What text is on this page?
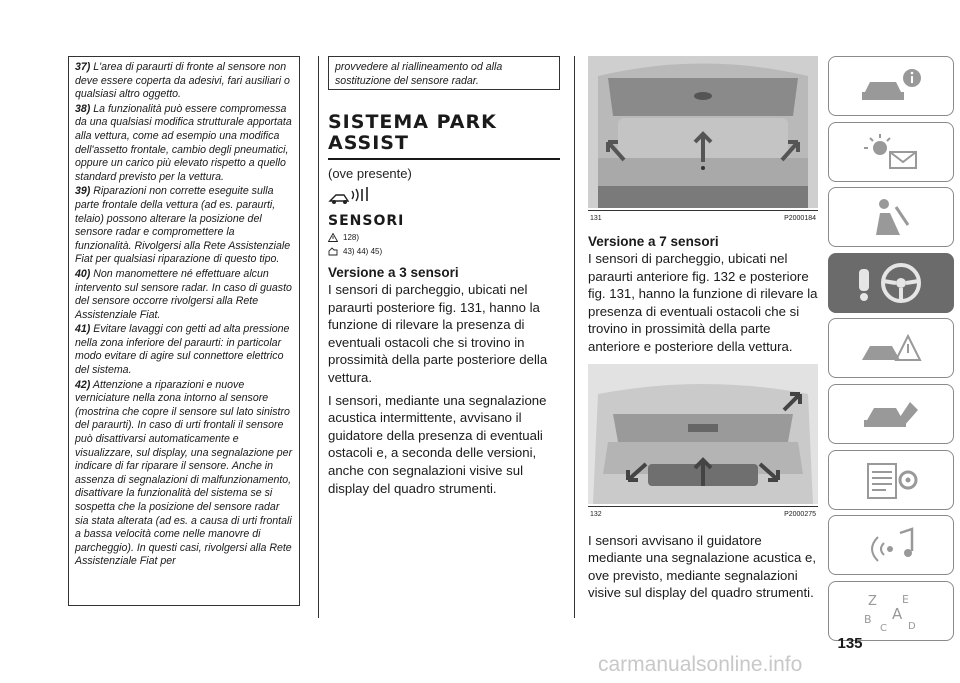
37) L'area di paraurti di fronte al sensore non deve essere coperta da adesivi, fari ausiliari o qualsiasi altro oggetto.

38) La funzionalità può essere compromessa da una qualsiasi modifica strutturale apportata alla vettura, come ad esempio una modifica dell'assetto frontale, cambio degli pneumatici, oppure un carico più elevato rispetto a quello standard previsto per la vettura.

39) Riparazioni non corrette eseguite sulla parte frontale della vettura (ad es. paraurti, telaio) possono alterare la posizione del sensore radar e compromettere la funzionalità. Rivolgersi alla Rete Assistenziale Fiat per qualsiasi riparazione di questo tipo.

40) Non manomettere né effettuare alcun intervento sul sensore radar. In caso di guasto del sensore occorre rivolgersi alla Rete Assistenziale Fiat.

41) Evitare lavaggi con getti ad alta pressione nella zona inferiore del paraurti: in particolar modo evitare di agire sul connettore elettrico del sistema.

42) Attenzione a riparazioni e nuove verniciature nella zona intorno al sensore (mostrina che copre il sensore sul lato sinistro del paraurti). In caso di urti frontali il sensore può disattivarsi automaticamente e visualizzare, sul display, una segnalazione per indicare di far riparare il sensore. Anche in assenza di segnalazioni di malfunzionamento, disattivare la funzionalità del sistema se si sospetta che la posizione del sensore radar sia stata alterata (ad es. a causa di urti frontali a bassa velocità come nelle manovre di parcheggio). In questi casi, rivolgersi alla Rete Assistenziale Fiat per

provvedere al riallineamento od alla sostituzione del sensore radar.
SISTEMA PARK
ASSIST
(ove presente)
SENSORI
128)
43) 44) 45)
Versione a 3 sensori
I sensori di parcheggio, ubicati nel paraurti posteriore fig. 131, hanno la funzione di rilevare la presenza di eventuali ostacoli che si trovino in prossimità della parte posteriore della vettura.
I sensori, mediante una segnalazione acustica intermittente, avvisano il guidatore della presenza di eventuali ostacoli e, a seconda delle versioni, anche con segnalazioni visive sul display del quadro strumenti.
131	P2000184
Versione a 7 sensori
I sensori di parcheggio, ubicati nel paraurti anteriore fig. 132 e posteriore fig. 131, hanno la funzione di rilevare la presenza di eventuali ostacoli che si trovino in prossimità della parte anteriore e posteriore della vettura.
132	P2000275
I sensori avvisano il guidatore mediante una segnalazione acustica e, ove previsto, mediante segnalazioni visive sul display del quadro strumenti.
Z E
B A
C D
135
carmanualsonline.info
